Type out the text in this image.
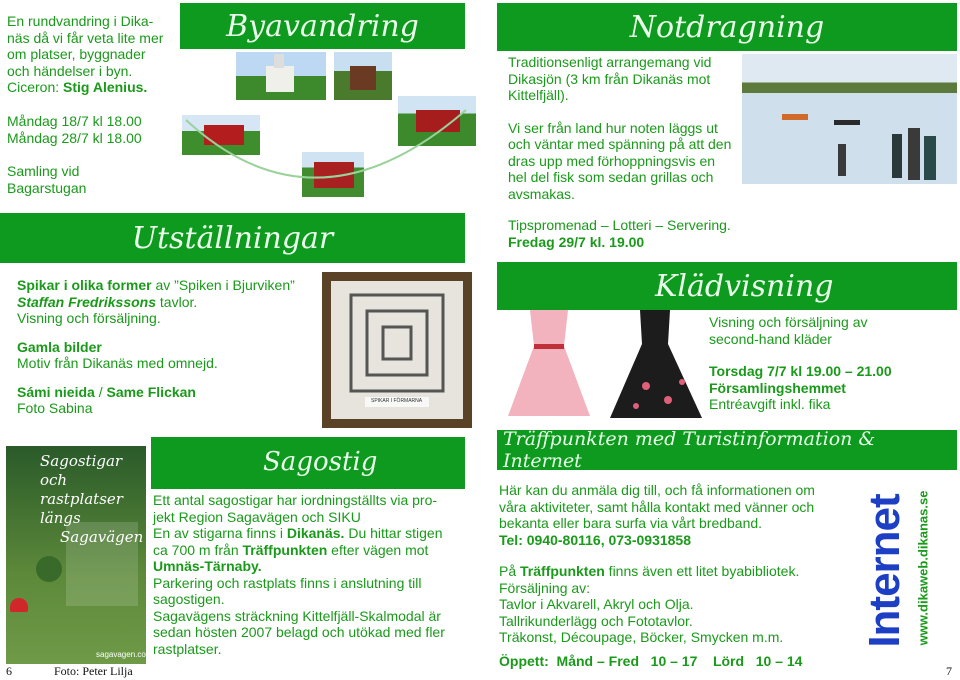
En rundvandring i Dika-
näs då vi får veta lite mer
om platser, byggnader
och händelser i byn.
Ciceron: Stig Alenius.
Måndag 18/7 kl 18.00
Måndag 28/7 kl 18.00
Samling vid
Bagarstugan
Byavandring
Utställningar
Spikar i olika former av ”Spiken i Bjurviken”
Staffan Fredrikssons tavlor.
Visning och försäljning.
Gamla bilder
Motiv från Dikanäs med omnejd.
Sámi nieida / Same Flickan
Foto Sabina	SPIKAR I FÖRMARNA
Sagostigar och
rastplatser längs
Sagavägen
sagavagen.com
Sagostig
Ett antal sagostigar har iordningställts via pro-
jekt Region Sagavägen och SIKU
En av stigarna finns i Dikanäs. Du hittar stigen
ca 700 m från Träffpunkten efter vägen mot
Umnäs-Tärnaby.
Parkering och rastplats finns i anslutning till
sagostigen.
Sagavägens sträckning Kittelfjäll-Skalmodal är
sedan hösten 2007 belagd och utökad med fler
rastplatser.
6	Foto: Peter Lilja
Notdragning
Traditionsenligt arrangemang vid
Dikasjön (3 km från Dikanäs mot
Kittelfjäll).
Vi ser från land hur noten läggs ut
och väntar med spänning på att den
dras upp med förhoppningsvis en
hel del fisk som sedan grillas och
avsmakas.
Tipspromenad – Lotteri – Servering.
Fredag 29/7 kl. 19.00
Klädvisning
Visning och försäljning av
second-hand kläder
Torsdag 7/7 kl 19.00 – 21.00
Församlingshemmet
Entréavgift inkl. fika
Träffpunkten med Turistinformation & Internet
Här kan du anmäla dig till, och få informationen om
våra aktiviteter, samt hålla kontakt med vänner och
bekanta eller bara surfa via vårt bredband.
Tel: 0940-80116, 073-0931858
På Träffpunkten finns även ett litet byabibliotek.
Försäljning av:
Tavlor i Akvarell, Akryl och Olja.
Tallrikunderlägg och Fototavlor.
Träkonst, Découpage, Böcker, Smycken m.m.
Öppett:  Månd – Fred   10 – 17    Lörd   10 – 14
Internet www.dikaweb.dikanas.se
7
